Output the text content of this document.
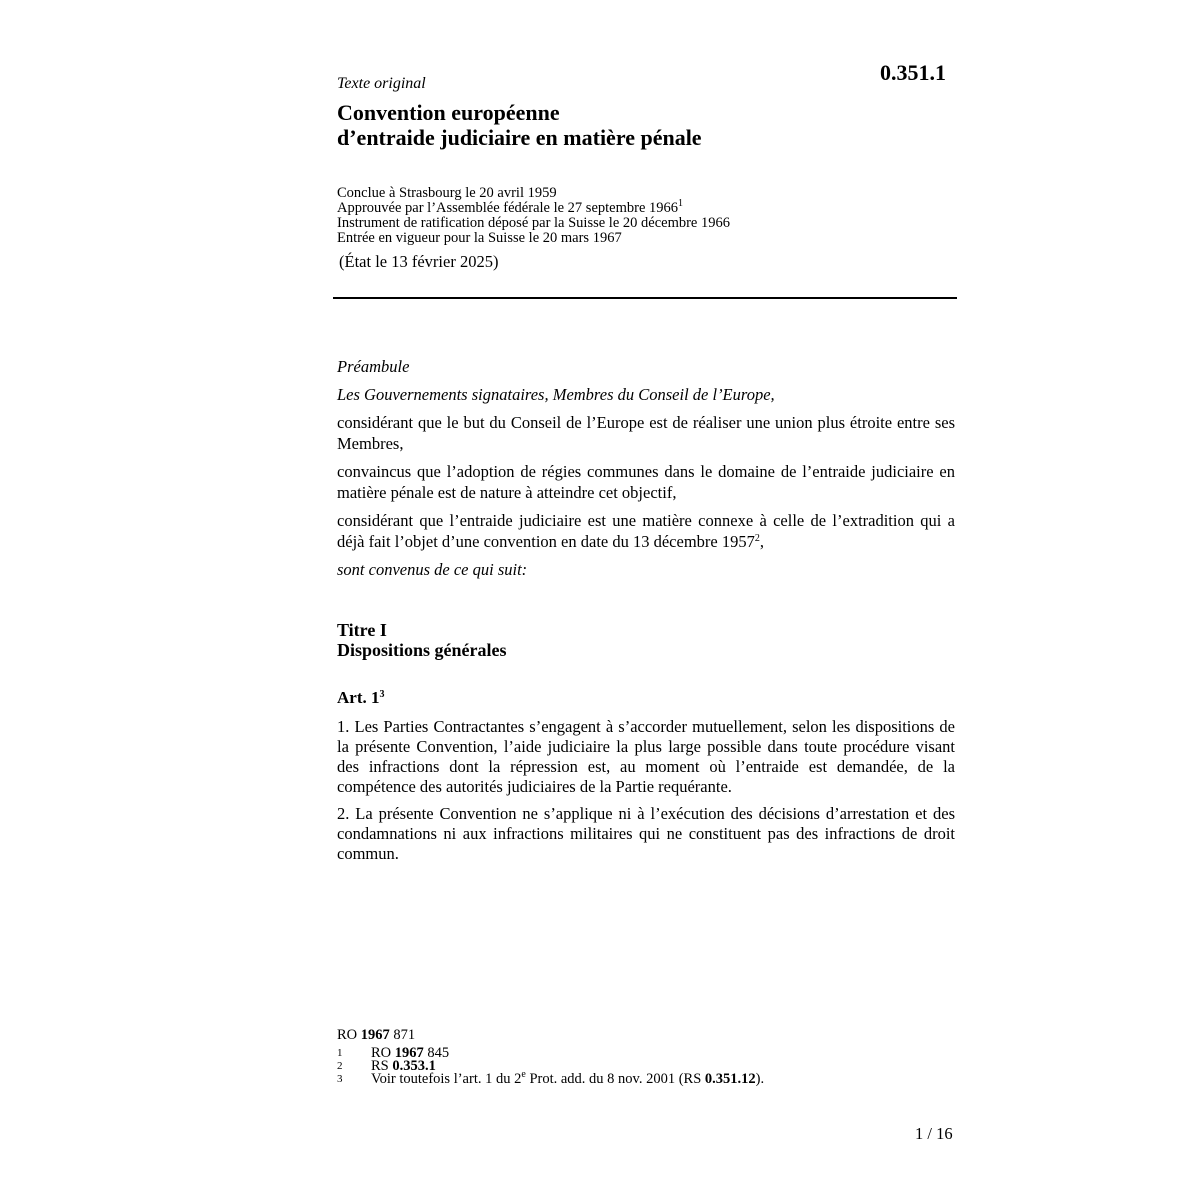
0.351.1
Texte original
Convention européenne
d’entraide judiciaire en matière pénale
Conclue à Strasbourg le 20 avril 1959
Approuvée par l’Assemblée fédérale le 27 septembre 1966$^1$
Instrument de ratification déposé par la Suisse le 20 décembre 1966
Entrée en vigueur pour la Suisse le 20 mars 1967
(État le 13 février 2025)

Préambule

Les Gouvernements signataires, Membres du Conseil de l’Europe,

considérant que le but du Conseil de l’Europe est de réaliser une union plus étroite entre ses Membres,

convaincus que l’adoption de régies communes dans le domaine de l’entraide judiciaire en matière pénale est de nature à atteindre cet objectif,

considérant que l’entraide judiciaire est une matière connexe à celle de l’extradition qui a déjà fait l’objet d’une convention en date du 13 décembre 1957$^2$,

sont convenus de ce qui suit:

Titre I
Dispositions générales
Art. $1^3$

1. Les Parties Contractantes s’engagent à s’accorder mutuellement, selon les dispositions de la présente Convention, l’aide judiciaire la plus large possible dans toute procédure visant des infractions dont la répression est, au moment où l’entraide est demandée, de la compétence des autorités judiciaires de la Partie requérante.

2. La présente Convention ne s’applique ni à l’exécution des décisions d’arrestation et des condamnations ni aux infractions militaires qui ne constituent pas des infractions de droit commun.

RO 1967 871
1	RO 1967 845
2	RS 0.353.1
3	Voir toutefois l’art. 1 du 2e Prot. add. du 8 nov. 2001 (RS 0.351.12).
1 / 16
